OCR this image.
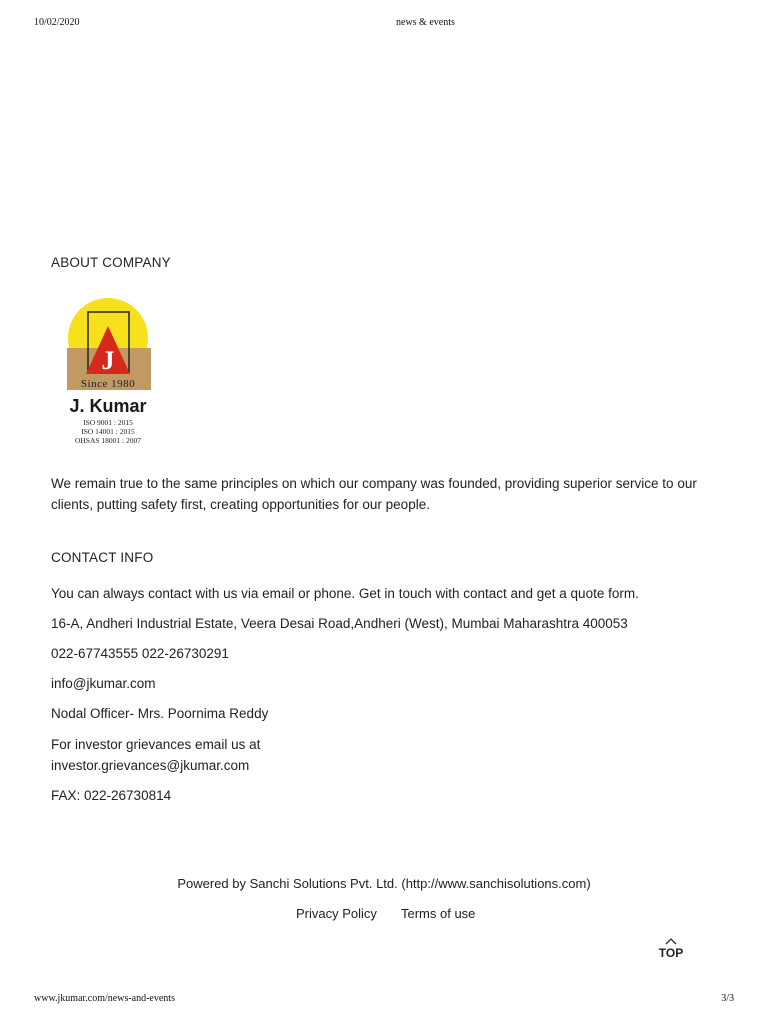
10/02/2020	news & events
ABOUT COMPANY
J
Since 1980
J. Kumar
ISO 9001 : 2015
ISO 14001 : 2015
OHSAS 18001 : 2007
We remain true to the same principles on which our company was founded, providing superior service to our
clients, putting safety first, creating opportunities for our people.
CONTACT INFO
You can always contact with us via email or phone. Get in touch with contact and get a quote form.
16-A, Andheri Industrial Estate, Veera Desai Road,Andheri (West), Mumbai Maharashtra 400053
022-67743555 022-26730291
info@jkumar.com
Nodal Officer- Mrs. Poornima Reddy
For investor grievances email us at
investor.grievances@jkumar.com
FAX: 022-26730814
Powered by Sanchi Solutions Pvt. Ltd. (http://www.sanchisolutions.com)
Privacy Policy Terms of use
TOP
www.jkumar.com/news-and-events	3/3
